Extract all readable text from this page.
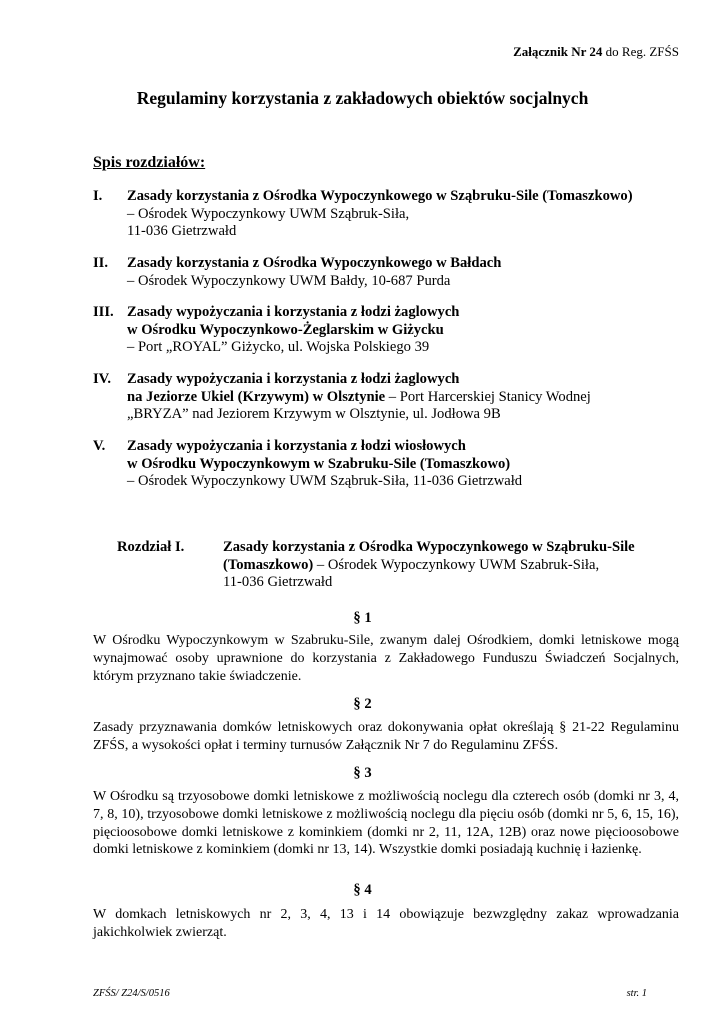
Załącznik Nr 24 do Reg. ZFŚS
Regulaminy korzystania z zakładowych obiektów socjalnych
Spis rozdziałów:
I. Zasady korzystania z Ośrodka Wypoczynkowego w Sząbruku-Sile (Tomaszkowo)
– Ośrodek Wypoczynkowy UWM Sząbruk-Siła,
11-036 Gietrzwałd
II. Zasady korzystania z Ośrodka Wypoczynkowego w Bałdach
– Ośrodek Wypoczynkowy UWM Bałdy, 10-687 Purda
III. Zasady wypożyczania i korzystania z łodzi żaglowych
w Ośrodku Wypoczynkowo-Żeglarskim w Giżycku
– Port „ROYAL” Giżycko, ul. Wojska Polskiego 39
IV. Zasady wypożyczania i korzystania z łodzi żaglowych
na Jeziorze Ukiel (Krzywym) w Olsztynie – Port Harcerskiej Stanicy Wodnej
„BRYZA” nad Jeziorem Krzywym w Olsztynie, ul. Jodłowa 9B
V. Zasady wypożyczania i korzystania z łodzi wiosłowych
w Ośrodku Wypoczynkowym w Szabruku-Sile (Tomaszkowo)
– Ośrodek Wypoczynkowy UWM Sząbruk-Siła, 11-036 Gietrzwałd
Rozdział I.	Zasady korzystania z Ośrodka Wypoczynkowego w Sząbruku-Sile
(Tomaszkowo) – Ośrodek Wypoczynkowy UWM Szabruk-Siła,
11-036 Gietrzwałd
§ 1
W Ośrodku Wypoczynkowym w Szabruku-Sile, zwanym dalej Ośrodkiem, domki letniskowe mogą wynajmować osoby uprawnione do korzystania z Zakładowego Funduszu Świadczeń Socjalnych, którym przyznano takie świadczenie.
§ 2
Zasady przyznawania domków letniskowych oraz dokonywania opłat określają § 21-22 Regulaminu ZFŚS, a wysokości opłat i terminy turnusów Załącznik Nr 7 do Regulaminu ZFŚS.
§ 3
W Ośrodku są trzyosobowe domki letniskowe z możliwością noclegu dla czterech osób (domki nr 3, 4, 7, 8, 10), trzyosobowe domki letniskowe z możliwością noclegu dla pięciu osób (domki nr 5, 6, 15, 16), pięcioosobowe domki letniskowe z kominkiem (domki nr 2, 11, 12A, 12B) oraz nowe pięcioosobowe domki letniskowe z kominkiem (domki nr 13, 14). Wszystkie domki posiadają kuchnię i łazienkę.
§ 4
W domkach letniskowych nr 2, 3, 4, 13 i 14 obowiązuje bezwzględny zakaz wprowadzania jakichkolwiek zwierząt.
ZFŚS/ Z24/S/0516	str. 1
